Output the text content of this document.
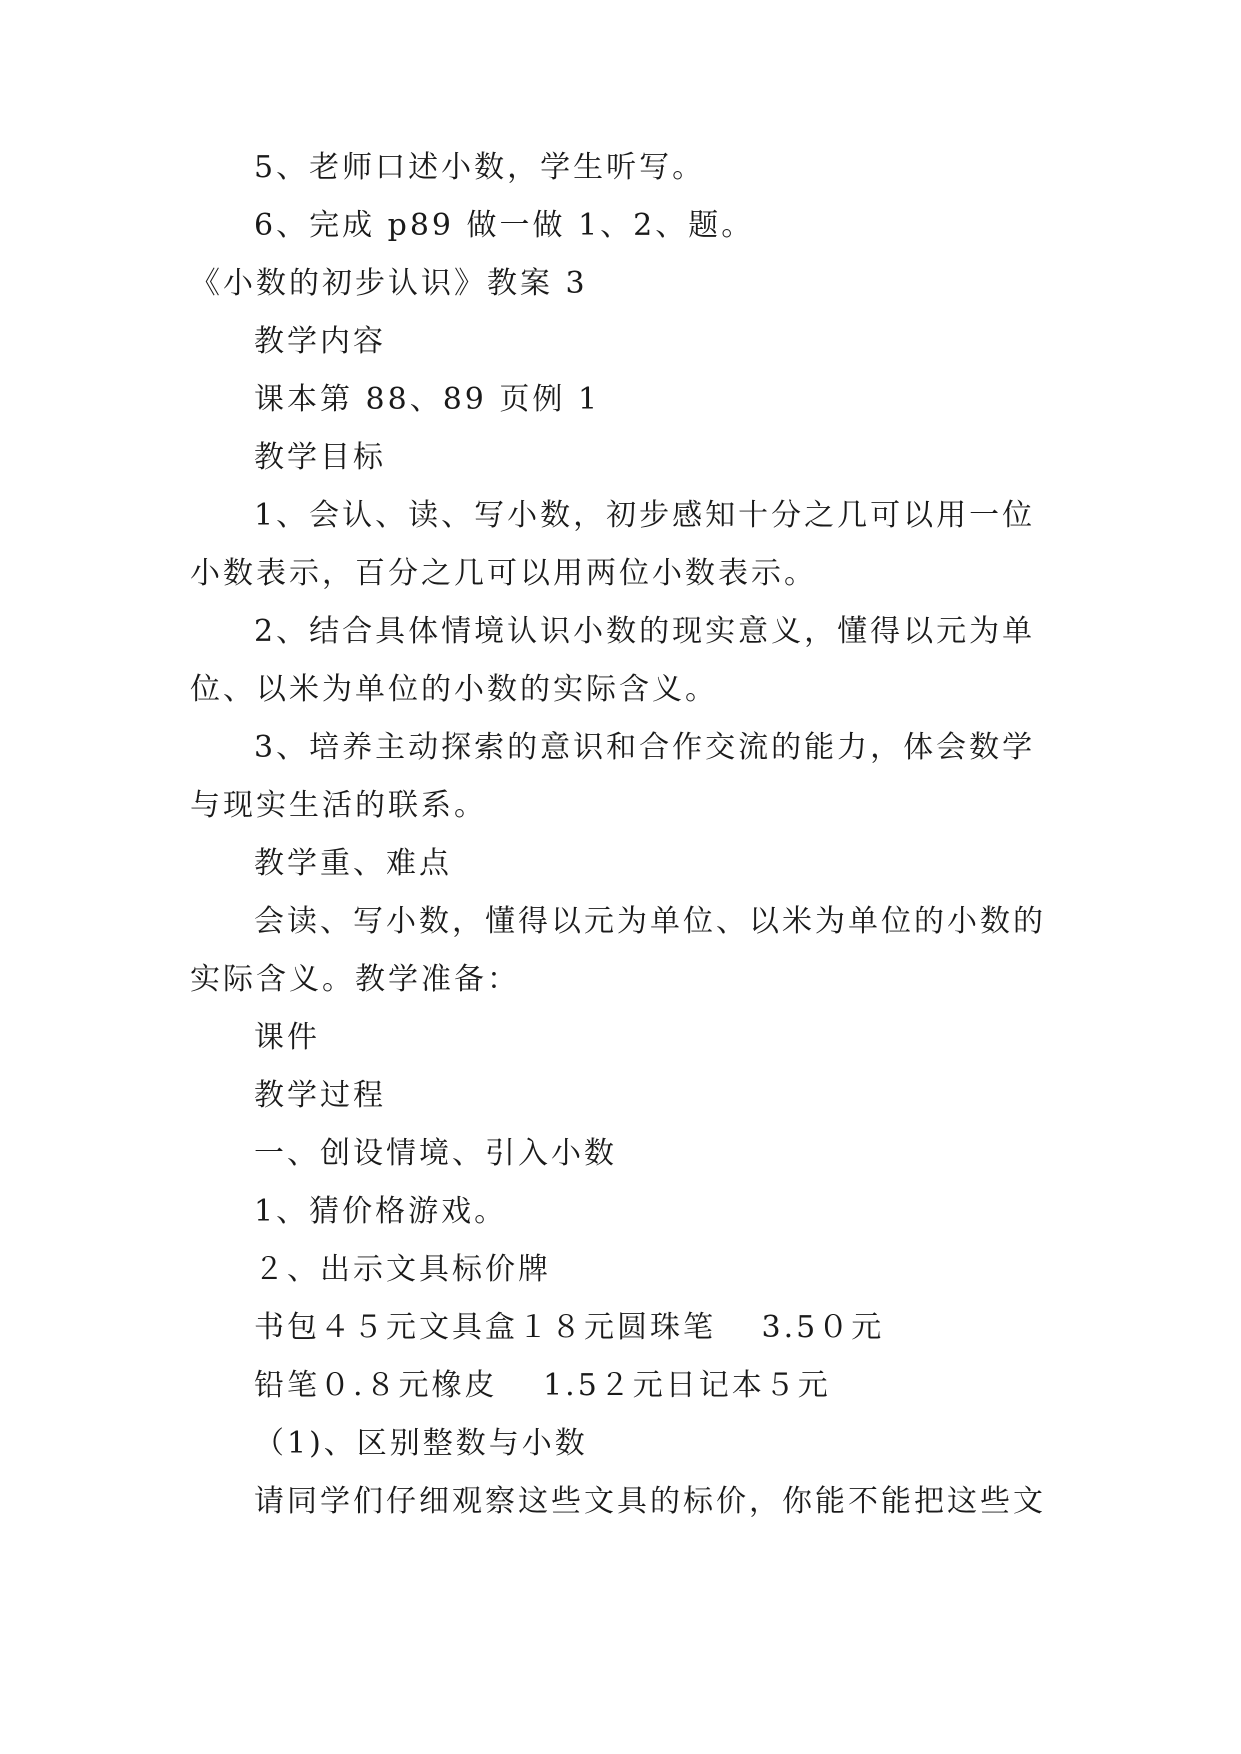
5、老师口述小数，学生听写。
6、完成 p89 做一做 1、2、题。
《小数的初步认识》教案 3
教学内容
课本第 88、89 页例 1
教学目标
1、会认、读、写小数，初步感知十分之几可以用一位
小数表示，百分之几可以用两位小数表示。
2、结合具体情境认识小数的现实意义，懂得以元为单
位、以米为单位的小数的实际含义。
3、培养主动探索的意识和合作交流的能力，体会数学
与现实生活的联系。
教学重、难点
会读、写小数，懂得以元为单位、以米为单位的小数的
实际含义。教学准备：
课件
教学过程
一、创设情境、引入小数
1、猜价格游戏。
２、出示文具标价牌
书包４５元文具盒１８元圆珠笔　 3.5０元
铅笔０.８元橡皮　 1.5２元日记本５元
（1)、区别整数与小数
请同学们仔细观察这些文具的标价，你能不能把这些文
